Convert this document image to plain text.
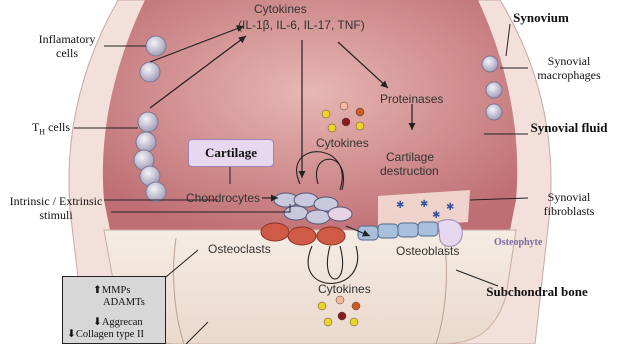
✱ ✱ ✱
✱
Inflamatory cells
$T_H$ cells
Intrinsic / Extrinsic stimuli
Synovium
Synovial macrophages
Synovial fluid
Synovial fibroblasts
Subchondral bone
Cartilage
Cytokines
(IL-1β, IL-6, IL-17, TNF)
Proteinases
Cytokines
Cartilage
destruction
Chondrocytes
Osteoclasts	Osteoblasts
Osteophyte
Cytokines
⬆MMPs
ADAMTs
⬇Aggrecan
⬇Collagen type II
